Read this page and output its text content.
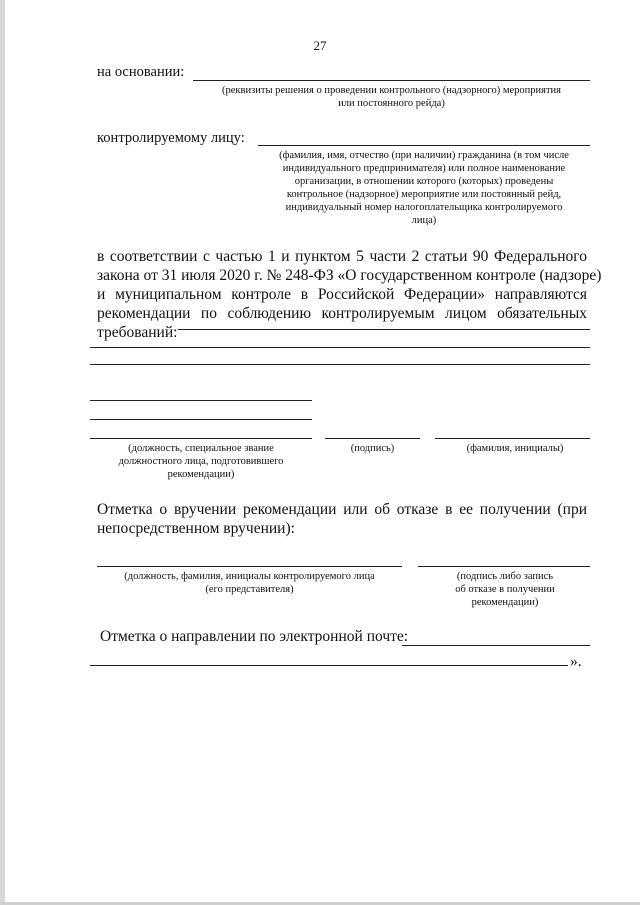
27
на основании:
(реквизиты решения о проведении контрольного (надзорного) мероприятия
или постоянного рейда)
контролируемому лицу:
(фамилия, имя, отчество (при наличии) гражданина (в том числе
индивидуального предпринимателя) или полное наименование
организации, в отношении которого (которых) проведены
контрольное (надзорное) мероприятие или постоянный рейд,
индивидуальный номер налогоплательщика контролируемого
лица)
в соответствии с частью 1 и пунктом 5 части 2 статьи 90 Федерального
закона от 31 июля 2020 г. № 248-ФЗ «О государственном контроле (надзоре)
и муниципальном контроле в Российской Федерации» направляются
рекомендации по соблюдению контролируемым лицом обязательных
требований:
(должность, специальное звание
должностного лица, подготовившего
рекомендации)
(подпись)	(фамилия, инициалы)
Отметка о вручении рекомендации или об отказе в ее получении (при
непосредственном вручении):
(должность, фамилия, инициалы контролируемого лица
(его представителя)
(подпись либо запись
об отказе в получении
рекомендации)
Отметка о направлении по электронной почте:
».
